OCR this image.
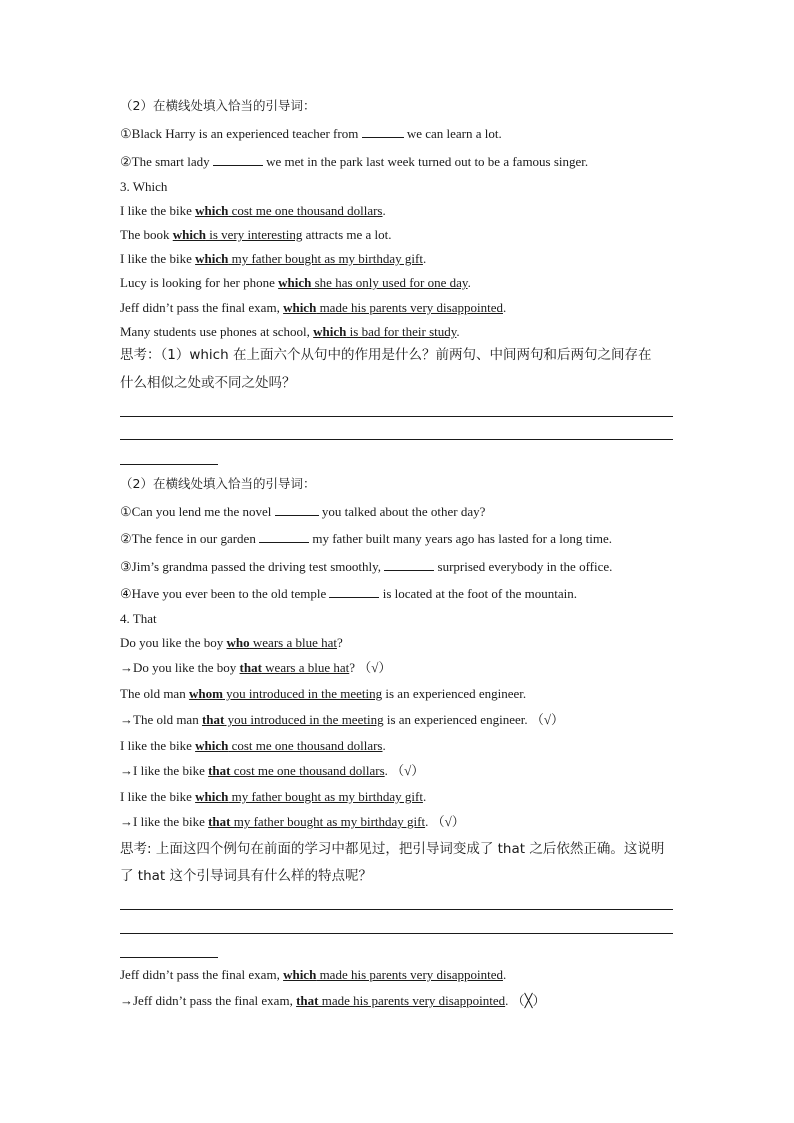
（2）在横线处填入恰当的引导词：
①Black Harry is an experienced teacher from	we can learn a lot.
②The smart lady	we met in the park last week turned out to be a famous singer.
3. Which
I like the bike which cost me one thousand dollars.
The book which is very interesting attracts me a lot.
I like the bike which my father bought as my birthday gift.
Lucy is looking for her phone which she has only used for one day.
Jeff didn’t pass the final exam, which made his parents very disappointed.
Many students use phones at school, which is bad for their study.
思考：（1）which 在上面六个从句中的作用是什么？前两句、中间两句和后两句之间存在
什么相似之处或不同之处吗？
（2）在横线处填入恰当的引导词：
①Can you lend me the novel	you talked about the other day?
②The fence in our garden	my father built many years ago has lasted for a long time.
③Jim’s grandma passed the driving test smoothly,	surprised everybody in the office.
④Have you ever been to the old temple	is located at the foot of the mountain.
4. That
Do you like the boy who wears a blue hat?
→Do you like the boy that wears a blue hat? （√）
The old man whom you introduced in the meeting is an experienced engineer.
→The old man that you introduced in the meeting is an experienced engineer. （√）
I like the bike which cost me one thousand dollars.
→I like the bike that cost me one thousand dollars. （√）
I like the bike which my father bought as my birthday gift.
→I like the bike that my father bought as my birthday gift. （√）
思考: 上面这四个例句在前面的学习中都见过，把引导词变成了 that 之后依然正确。这说明
了 that 这个引导词具有什么样的特点呢？
Jeff didn’t pass the final exam, which made his parents very disappointed.
→Jeff didn’t pass the final exam, that made his parents very disappointed. （╳）
